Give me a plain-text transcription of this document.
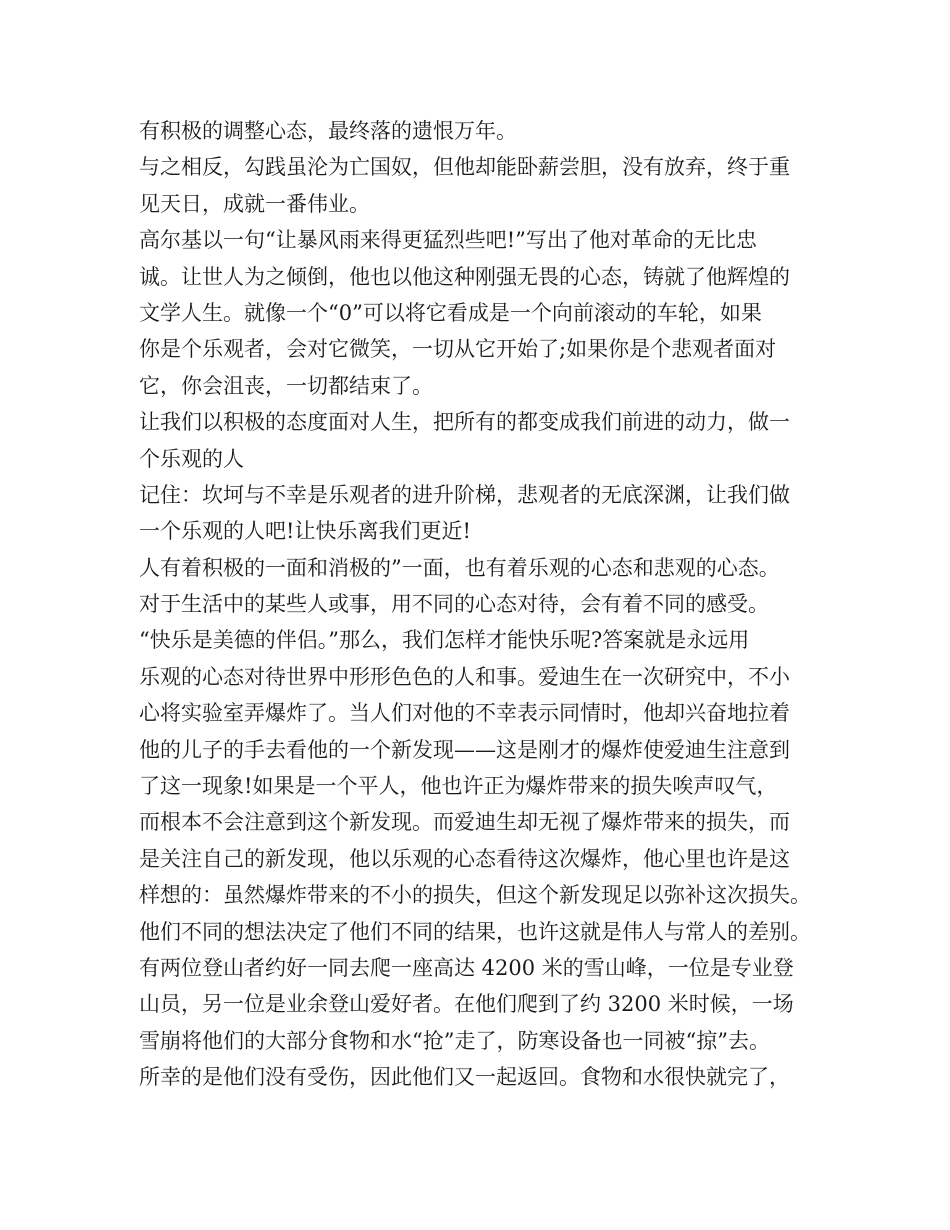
有积极的调整心态，最终落的遗恨万年。
与之相反，勾践虽沦为亡国奴，但他却能卧薪尝胆，没有放弃，终于重
见天日，成就一番伟业。
高尔基以一句“让暴风雨来得更猛烈些吧!”写出了他对革命的无比忠
诚。让世人为之倾倒，他也以他这种刚强无畏的心态，铸就了他辉煌的
文学人生。就像一个“0”可以将它看成是一个向前滚动的车轮，如果
你是个乐观者，会对它微笑，一切从它开始了;如果你是个悲观者面对
它，你会沮丧，一切都结束了。
让我们以积极的态度面对人生，把所有的都变成我们前进的动力，做一
个乐观的人
记住：坎坷与不幸是乐观者的进升阶梯，悲观者的无底深渊，让我们做
一个乐观的人吧!让快乐离我们更近!
人有着积极的一面和消极的”一面，也有着乐观的心态和悲观的心态。
对于生活中的某些人或事，用不同的心态对待，会有着不同的感受。
“快乐是美德的伴侣。”那么，我们怎样才能快乐呢?答案就是永远用
乐观的心态对待世界中形形色色的人和事。爱迪生在一次研究中，不小
心将实验室弄爆炸了。当人们对他的不幸表示同情时，他却兴奋地拉着
他的儿子的手去看他的一个新发现——这是刚才的爆炸使爱迪生注意到
了这一现象!如果是一个平人，他也许正为爆炸带来的损失唉声叹气，
而根本不会注意到这个新发现。而爱迪生却无视了爆炸带来的损失，而
是关注自己的新发现，他以乐观的心态看待这次爆炸，他心里也许是这
样想的：虽然爆炸带来的不小的损失，但这个新发现足以弥补这次损失。
他们不同的想法决定了他们不同的结果，也许这就是伟人与常人的差别。
有两位登山者约好一同去爬一座高达 4200 米的雪山峰，一位是专业登
山员，另一位是业余登山爱好者。在他们爬到了约 3200 米时候，一场
雪崩将他们的大部分食物和水“抢”走了，防寒设备也一同被“掠”去。
所幸的是他们没有受伤，因此他们又一起返回。食物和水很快就完了，
